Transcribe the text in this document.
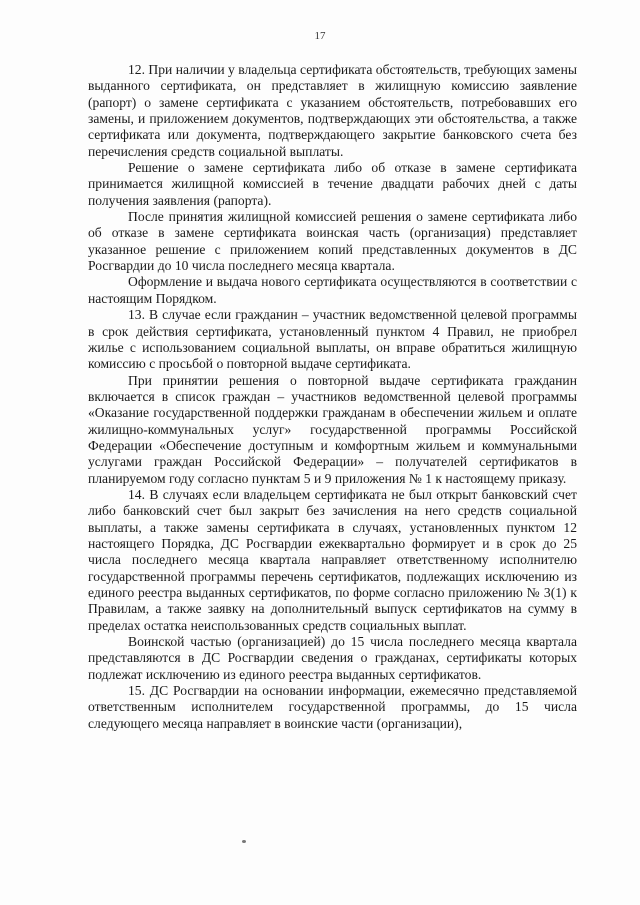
17

12. При наличии у владельца сертификата обстоятельств, требующих замены выданного сертификата, он представляет в жилищную комиссию заявление (рапорт) о замене сертификата с указанием обстоятельств, потребовавших его замены, и приложением документов, подтверждающих эти обстоятельства, а также сертификата или документа, подтверждающего закрытие банковского счета без перечисления средств социальной выплаты.

Решение о замене сертификата либо об отказе в замене сертификата принимается жилищной комиссией в течение двадцати рабочих дней с даты получения заявления (рапорта).

После принятия жилищной комиссией решения о замене сертификата либо об отказе в замене сертификата воинская часть (организация) представляет указанное решение с приложением копий представленных документов в ДС Росгвардии до 10 числа последнего месяца квартала.

Оформление и выдача нового сертификата осуществляются в соответствии с настоящим Порядком.

13. В случае если гражданин – участник ведомственной целевой программы в срок действия сертификата, установленный пунктом 4 Правил, не приобрел жилье с использованием социальной выплаты, он вправе обратиться жилищную комиссию с просьбой о повторной выдаче сертификата.

При принятии решения о повторной выдаче сертификата гражданин включается в список граждан – участников ведомственной целевой программы «Оказание государственной поддержки гражданам в обеспечении жильем и оплате жилищно-коммунальных услуг» государственной программы Российской Федерации «Обеспечение доступным и комфортным жильем и коммунальными услугами граждан Российской Федерации» – получателей сертификатов в планируемом году согласно пунктам 5 и 9 приложения № 1 к настоящему приказу.

14. В случаях если владельцем сертификата не был открыт банковский счет либо банковский счет был закрыт без зачисления на него средств социальной выплаты, а также замены сертификата в случаях, установленных пунктом 12 настоящего Порядка, ДС Росгвардии ежеквартально формирует и в срок до 25 числа последнего месяца квартала направляет ответственному исполнителю государственной программы перечень сертификатов, подлежащих исключению из единого реестра выданных сертификатов, по форме согласно приложению № 3(1) к Правилам, а также заявку на дополнительный выпуск сертификатов на сумму в пределах остатка неиспользованных средств социальных выплат.

Воинской частью (организацией) до 15 числа последнего месяца квартала представляются в ДС Росгвардии сведения о гражданах, сертификаты которых подлежат исключению из единого реестра выданных сертификатов.

15. ДС Росгвардии на основании информации, ежемесячно представляемой ответственным исполнителем государственной программы, до 15 числа следующего месяца направляет в воинские части (организации),
